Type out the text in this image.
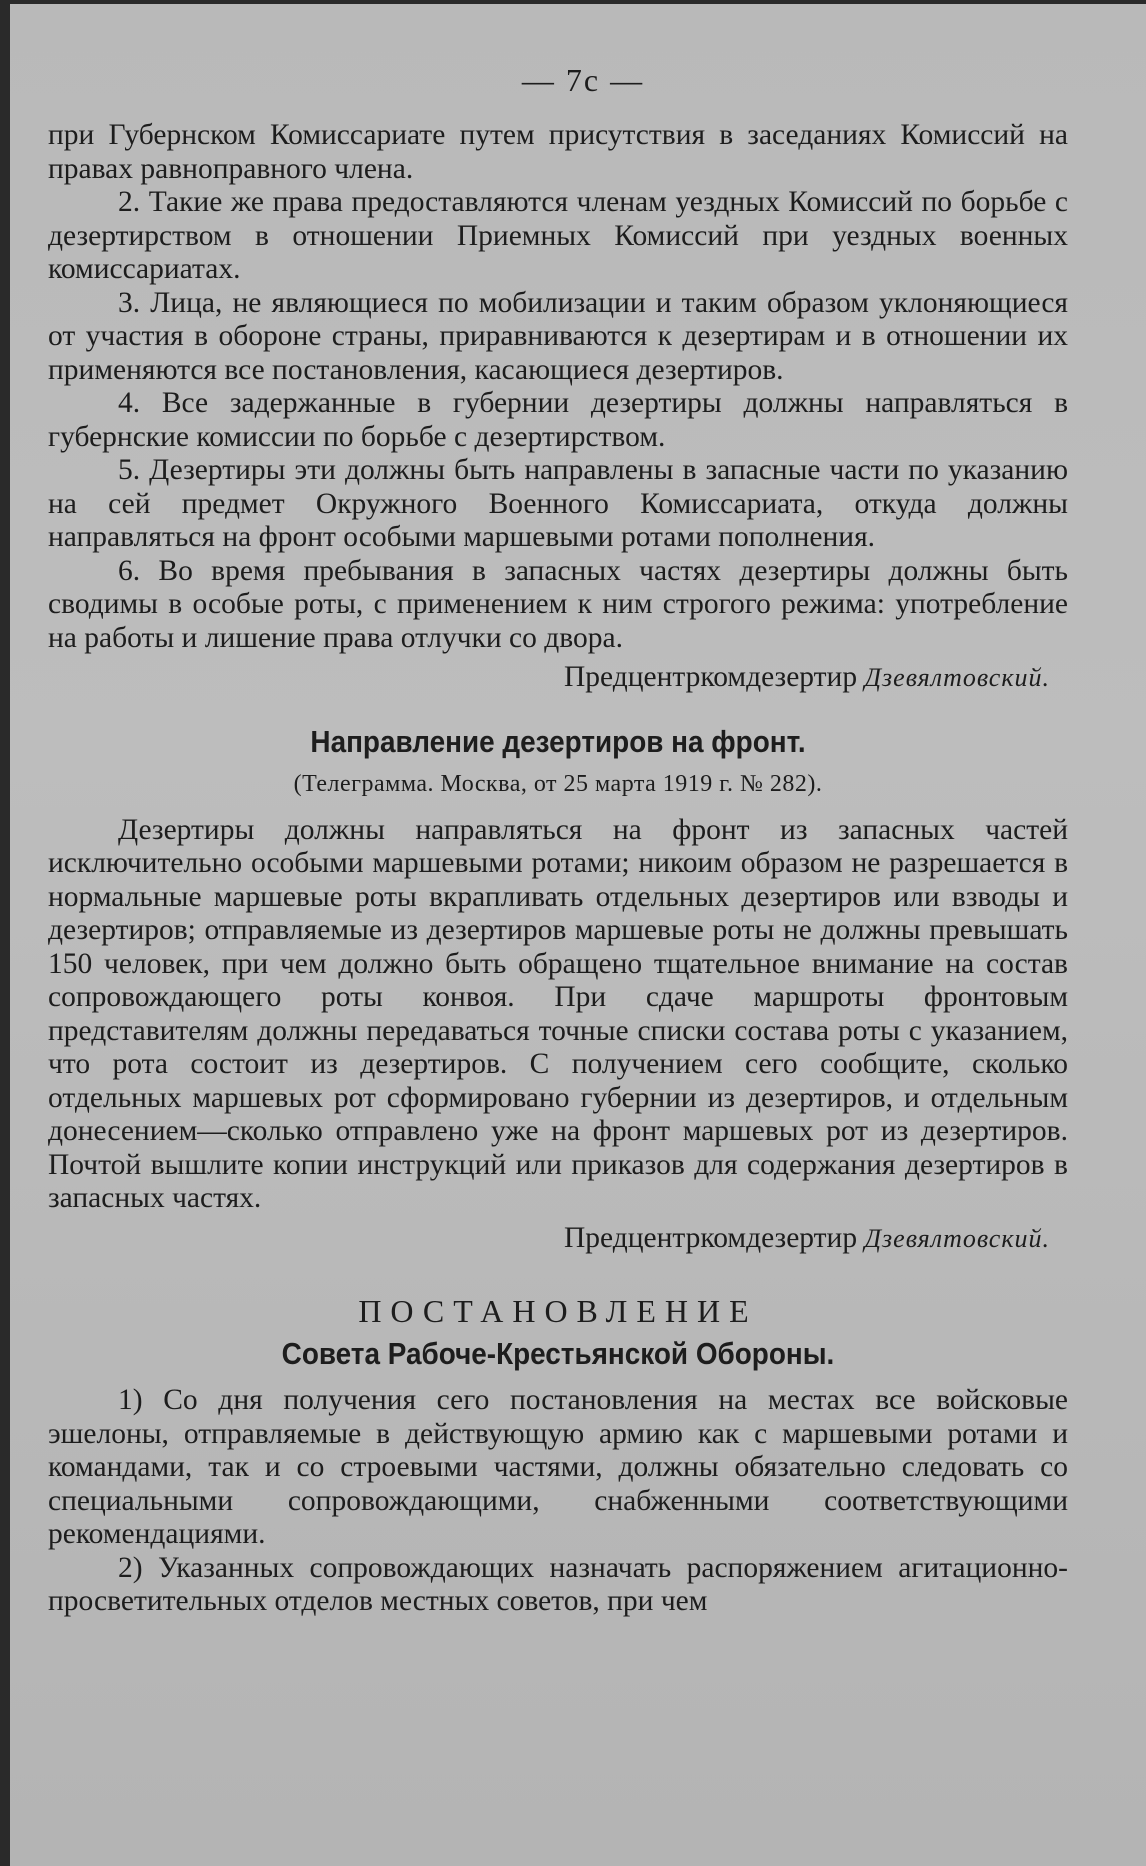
— 7с —

при Губернском Комиссариате путем присутствия в заседаниях Комиссий на правах равноправного члена.

2. Такие же права предоставляются членам уездных Комиссий по борьбе с дезертирством в отношении Приемных Комиссий при уездных военных комиссариатах.

3. Лица, не являющиеся по мобилизации и таким образом уклоняющиеся от участия в обороне страны, приравниваются к дезертирам и в отношении их применяются все постановления, касающиеся дезертиров.

4. Все задержанные в губернии дезертиры должны направляться в губернские комиссии по борьбе с дезертирством.

5. Дезертиры эти должны быть направлены в запасные части по указанию на сей предмет Окружного Военного Комиссариата, откуда должны направляться на фронт особыми маршевыми ротами пополнения.

6. Во время пребывания в запасных частях дезертиры должны быть сводимы в особые роты, с применением к ним строгого режима: употребление на работы и лишение права отлучки со двора.

Предцентркомдезертир Дзевялтовский.
Направление дезертиров на фронт.
(Телеграмма. Москва, от 25 марта 1919 г. № 282).

Дезертиры должны направляться на фронт из запасных частей исключительно особыми маршевыми ротами; никоим образом не разрешается в нормальные маршевые роты вкрапливать отдельных дезертиров или взводы и дезертиров; отправляемые из дезертиров маршевые роты не должны превышать 150 человек, при чем должно быть обращено тщательное внимание на состав сопровождающего роты конвоя. При сдаче маршроты фронтовым представителям должны передаваться точные списки состава роты с указанием, что рота состоит из дезертиров. С получением сего сообщите, сколько отдельных маршевых рот сформировано губернии из дезертиров, и отдельным донесением—сколько отправлено уже на фронт маршевых рот из дезертиров. Почтой вышлите копии инструкций или приказов для содержания дезертиров в запасных частях.

Предцентркомдезертир Дзевялтовский.
ПОСТАНОВЛЕНИЕ
Совета Рабоче-Крестьянской Обороны.

1) Со дня получения сего постановления на местах все войсковые эшелоны, отправляемые в действующую армию как с маршевыми ротами и командами, так и со строевыми частями, должны обязательно следовать со специальными сопровождающими, снабженными соответствующими рекомендациями.

2) Указанных сопровождающих назначать распоряжением агитационно-просветительных отделов местных советов, при чем
